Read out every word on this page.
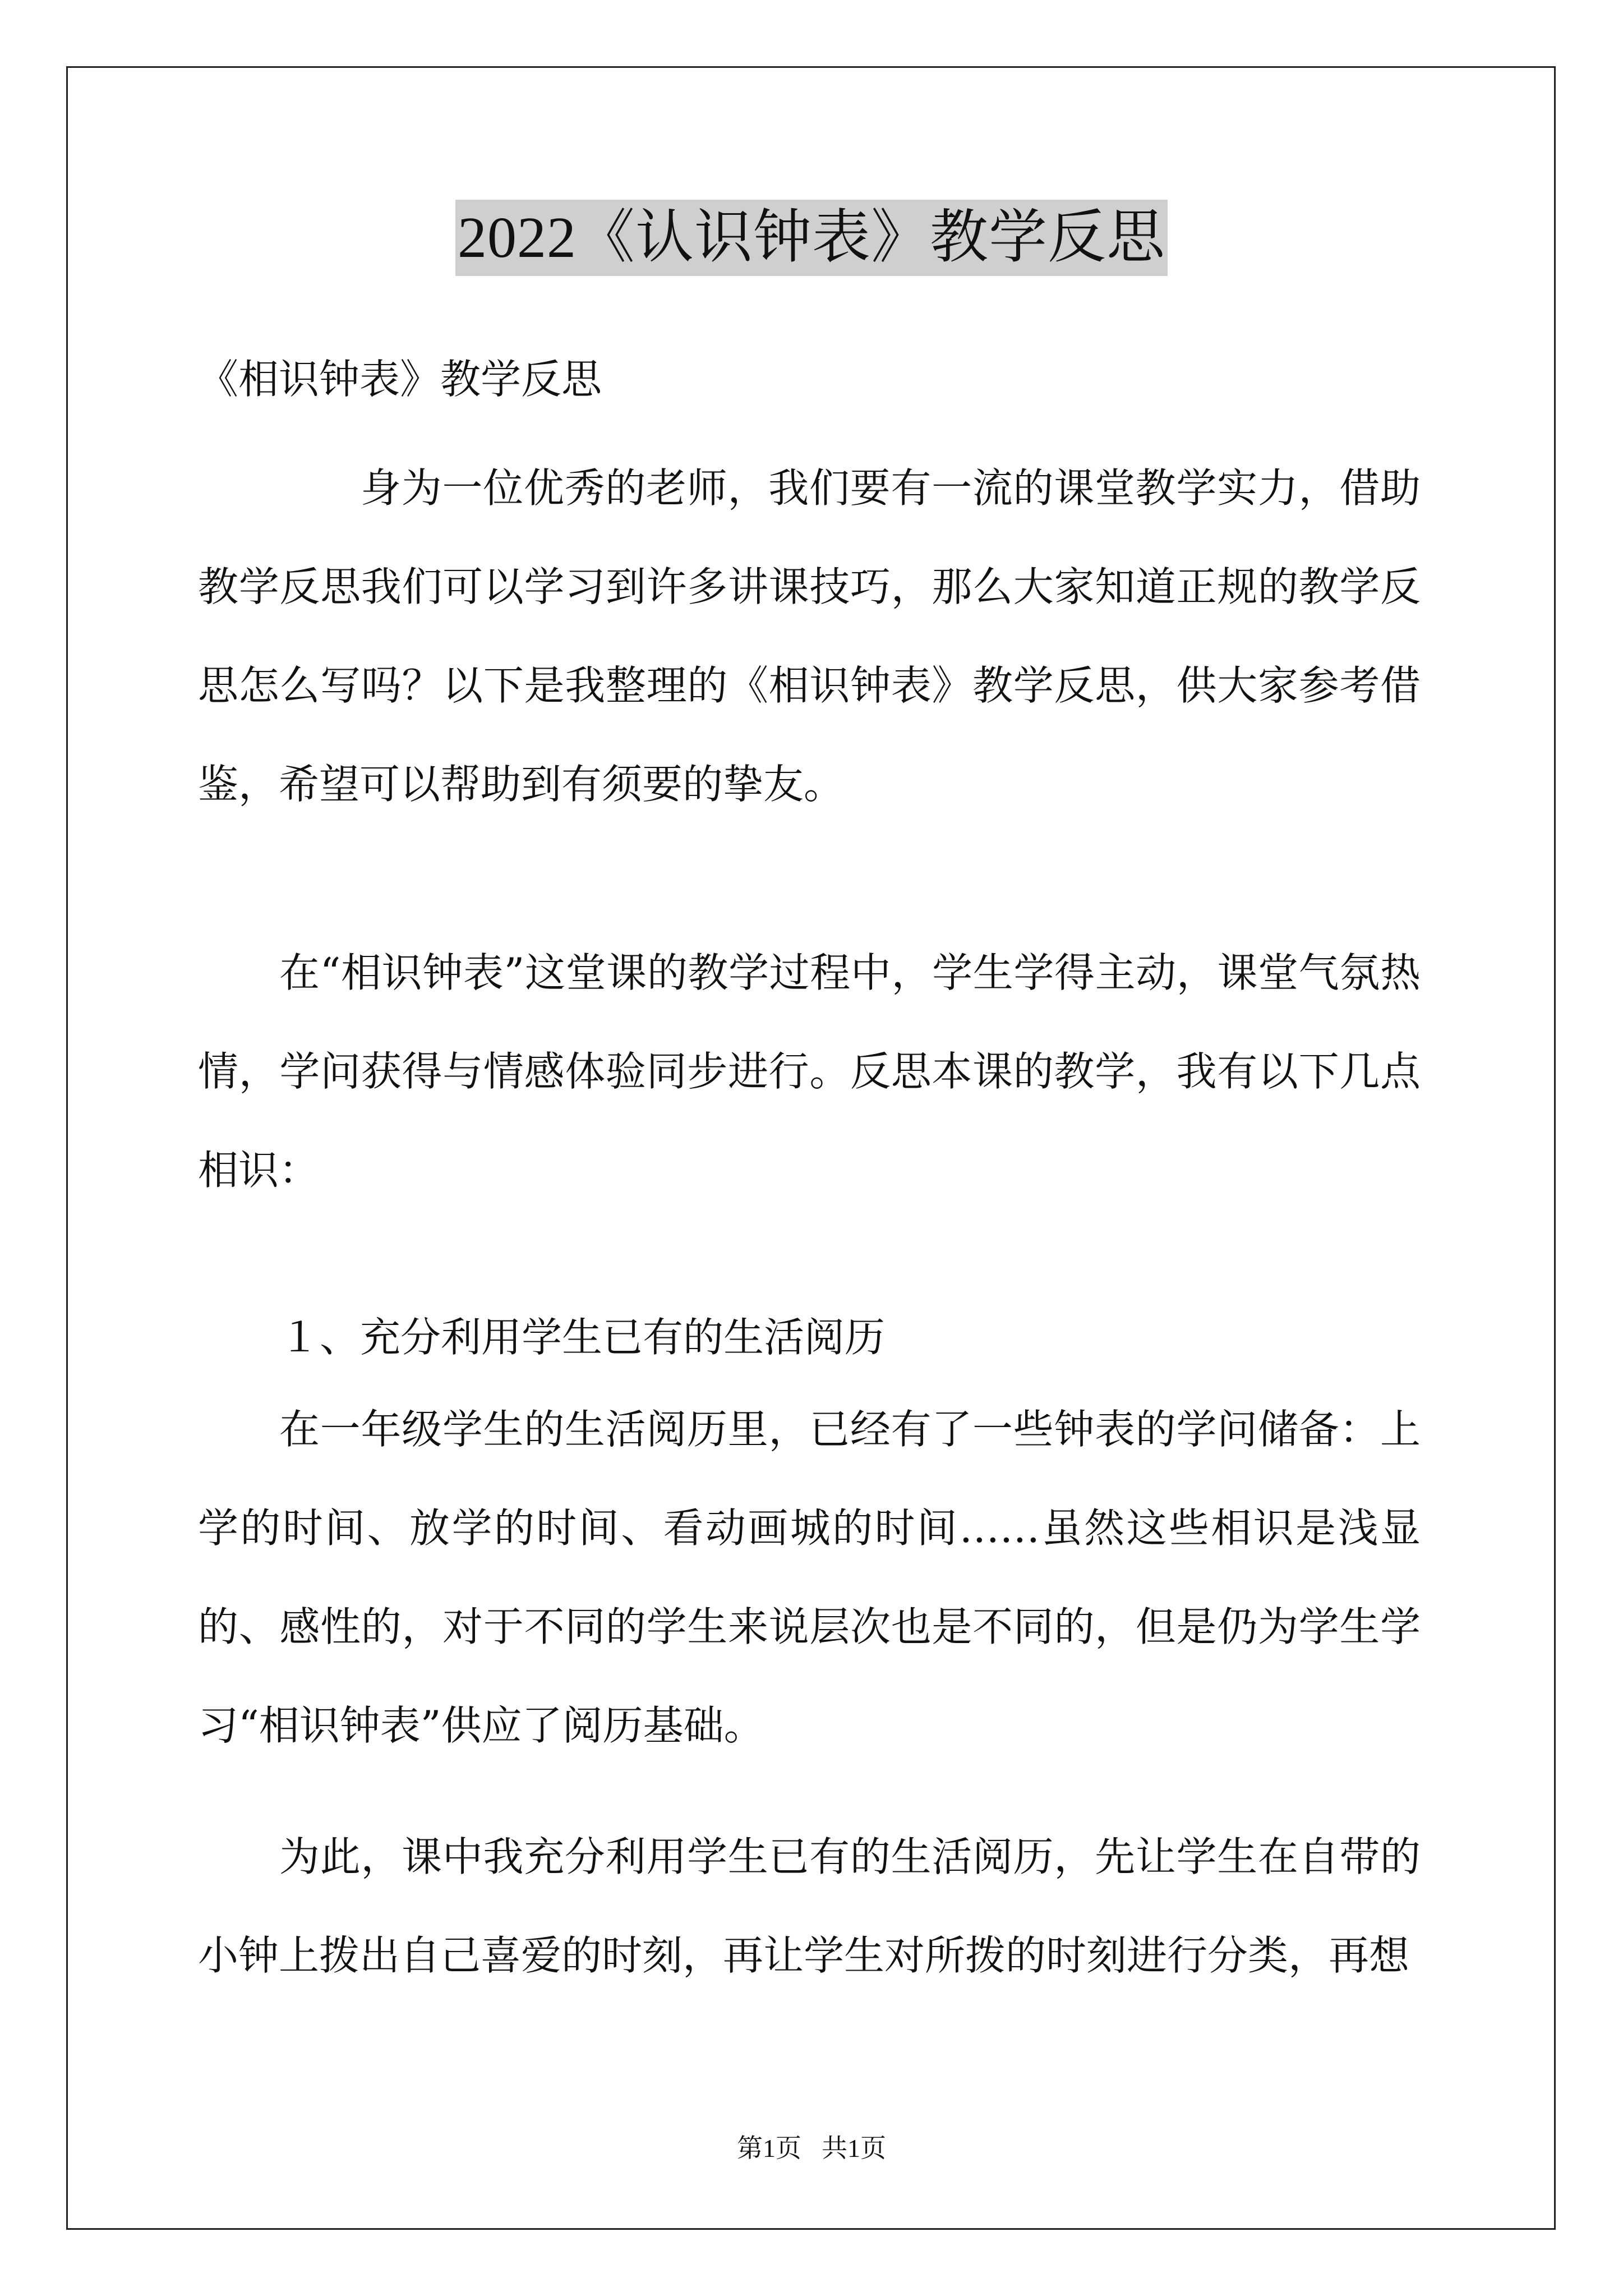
2022《认识钟表》教学反思
《相识钟表》教学反思

身为一位优秀的老师，我们要有一流的课堂教学实力，借助教学反思我们可以学习到许多讲课技巧，那么大家知道正规的教学反思怎么写吗？以下是我整理的《相识钟表》教学反思，供大家参考借鉴，希望可以帮助到有须要的挚友。

在“相识钟表”这堂课的教学过程中，学生学得主动，课堂气氛热情，学问获得与情感体验同步进行。反思本课的教学，我有以下几点相识：

１、充分利用学生已有的生活阅历

在一年级学生的生活阅历里，已经有了一些钟表的学问储备：上学的时间、放学的时间、看动画城的时间……虽然这些相识是浅显的、感性的，对于不同的学生来说层次也是不同的，但是仍为学生学习“相识钟表”供应了阅历基础。

为此，课中我充分利用学生已有的生活阅历，先让学生在自带的小钟上拨出自己喜爱的时刻，再让学生对所拨的时刻进行分类，再想

第1页 共1页
